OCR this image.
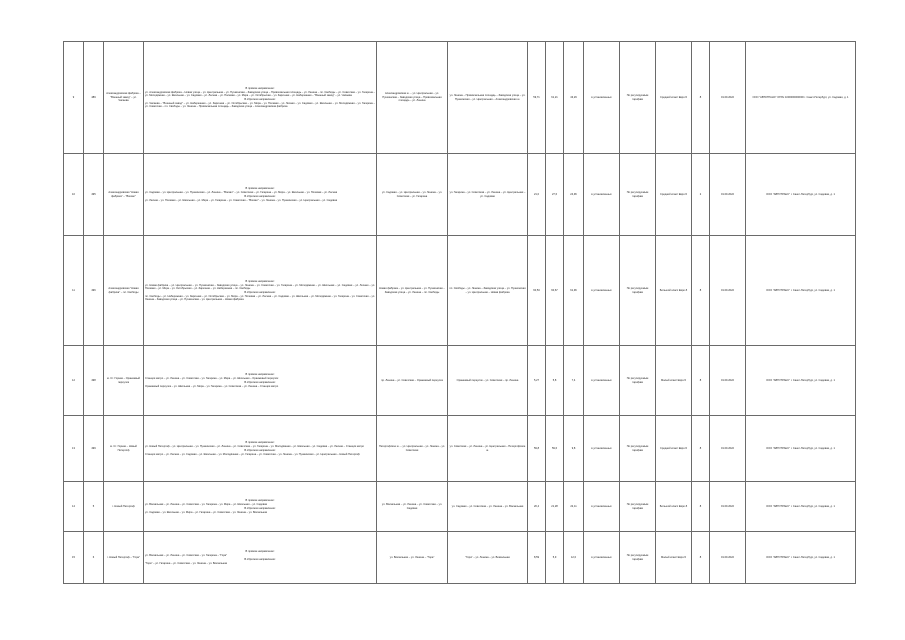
9	489	Александровская фабрика – "Военный завод" – ул. Чапаева	В прямом направлении:
ул. Александровская фабрика – Новая улица – ул. Центральная – ул. Пушкинская – Заводская улица – Привокзальная площадь – ул. Ленина – пл. Свободы – ул. Советская – ул. Гагарина – ул. Молодёжная – ул. Школьная – ул. Садовая – ул. Лесная – ул. Полевая – ул. Мира – ул. Октябрьская – ул. Заречная – ул. Набережная – "Военный завод" – ул. Чапаева
В обратном направлении:
ул. Чапаева – "Военный завод" – ул. Набережная – ул. Заречная – ул. Октябрьская – ул. Мира – ул. Полевая – ул. Лесная – ул. Садовая – ул. Школьная – ул. Молодёжная – ул. Гагарина – ул. Советская – пл. Свободы – ул. Ленина – Привокзальная площадь – Заводская улица – Александровская фабрика	Александровская ш. – ул. Центральная – ул. Пушкинская – Заводская улица – Привокзальная площадь – ул. Ленина	ул. Ленина – Привокзальная площадь – Заводская улица – ул. Пушкинская – ул. Центральная – Александровская ш.	59,71	61,21	43,29	в установленных	По регулируемым тарифам	Средний класс Евро-5	8	01.09.2022	ООО "АВТОТРАНС" ОГРН 1000000000000 г. Санкт-Петербург, ул. Садовая, д. 1
10	495	Александровская "Новая фабрика" – "Вокзал"	В прямом направлении:
ул. Садовая – ул. Центральная – ул. Пушкинская – ул. Ленина – "Вокзал" – ул. Советская – ул. Гагарина – ул. Мира – ул. Школьная – ул. Полевая – ул. Лесная
В обратном направлении:
ул. Лесная – ул. Полевая – ул. Школьная – ул. Мира – ул. Гагарина – ул. Советская – "Вокзал" – ул. Ленина – ул. Пушкинская – ул. Центральная – ул. Садовая	ул. Садовая – ул. Центральная – ул. Ленина – ул. Советская – ул. Гагарина	ул. Гагарина – ул. Советская – ул. Ленина – ул. Центральная – ул. Садовая	21,0	27,6	24,96	в установленных	По регулируемым тарифам	Средний класс Евро-5	2	01.09.2022	ООО "АВТОТРАНС" г. Санкт-Петербург, ул. Садовая, д. 1
11	496	Александровская "Новая фабрика" – пл. Свободы	В прямом направлении:
ул. Новая фабрика – ул. Центральная – ул. Пушкинская – Заводская улица – ул. Ленина – ул. Советская – ул. Гагарина – ул. Молодёжная – ул. Школьная – ул. Садовая – ул. Лесная – ул. Полевая – ул. Мира – ул. Октябрьская – ул. Заречная – ул. Набережная – пл. Свободы
В обратном направлении:
пл. Свободы – ул. Набережная – ул. Заречная – ул. Октябрьская – ул. Мира – ул. Полевая – ул. Лесная – ул. Садовая – ул. Школьная – ул. Молодёжная – ул. Гагарина – ул. Советская – ул. Ленина – Заводская улица – ул. Пушкинская – ул. Центральная – Новая фабрика	Новая фабрика – ул. Центральная – ул. Пушкинская – Заводская улица – ул. Ленина – пл. Свободы	пл. Свободы – ул. Ленина – Заводская улица – ул. Пушкинская – ул. Центральная – Новая фабрика	60,53	60,67	61,96	в установленных	По регулируемым тарифам	Большой класс Евро-5	8	01.09.2022	ООО "АВТОТРАНС" г. Санкт-Петербург, ул. Садовая, д. 1
12	498	м. Ст. Горная – Оранжевый переулок	В прямом направлении:
Станция метро – ул. Ленина – ул. Советская – ул. Гагарина – ул. Мира – ул. Школьная – Оранжевый переулок
В обратном направлении:
Оранжевый переулок – ул. Школьная – ул. Мира – ул. Гагарина – ул. Советская – ул. Ленина – Станция метро	пр. Ленина – ул. Советская – Оранжевый переулок	Оранжевый переулок – ул. Советская – пр. Ленина	5,27	5,8	7,4	в установленных	По регулируемым тарифам	Малый класс Евро-5	8	01.09.2022	ООО "АВТОТРАНС" г. Санкт-Петербург, ул. Садовая, д. 1
13	499	м. Ст. Горная – Новый Петергоф	В прямом направлении:
ул. Новый Петергоф – ул. Центральная – ул. Пушкинская – ул. Ленина – ул. Советская – ул. Гагарина – ул. Молодёжная – ул. Школьная – ул. Садовая – ул. Лесная – Станция метро
В обратном направлении:
Станция метро – ул. Лесная – ул. Садовая – ул. Школьная – ул. Молодёжная – ул. Гагарина – ул. Советская – ул. Ленина – ул. Пушкинская – ул. Центральная – Новый Петергоф	Петергофское ш. – ул. Центральная – ул. Ленина – ул. Советская	ул. Советская – ул. Ленина – ул. Центральная – Петергофское ш.	59,8	59,6	9,8	в установленных	По регулируемым тарифам	Средний класс Евро-5	8	01.09.2022	ООО "АВТОТРАНС" г. Санкт-Петербург, ул. Садовая, д. 1
14	5	г. Новый Петергоф	В прямом направлении:
ул. Вокзальная – ул. Ленина – ул. Советская – ул. Гагарина – ул. Мира – ул. Школьная – ул. Садовая
В обратном направлении:
ул. Садовая – ул. Школьная – ул. Мира – ул. Гагарина – ул. Советская – ул. Ленина – ул. Вокзальная	ул. Вокзальная – ул. Ленина – ул. Советская – ул. Садовая	ул. Садовая – ул. Советская – ул. Ленина – ул. Вокзальная	20,4	21,28	22,11	в установленных	По регулируемым тарифам	Большой класс Евро-5	8	01.09.2022	ООО "АВТОТРАНС" г. Санкт-Петербург, ул. Садовая, д. 1
15	6	г. Новый Петергоф – "Гора"	В прямом направлении:
ул. Вокзальная – ул. Ленина – ул. Советская – ул. Гагарина – "Гора"
В обратном направлении:
"Гора" – ул. Гагарина – ул. Советская – ул. Ленина – ул. Вокзальная	ул. Вокзальная – ул. Ленина – "Гора"	"Гора" – ул. Ленина – ул. Вокзальная	8,59	5,9	12,0	в установленных	По регулируемым тарифам	Малый класс Евро-5	8	01.09.2022	ООО "АВТОТРАНС" г. Санкт-Петербург, ул. Садовая, д. 1
